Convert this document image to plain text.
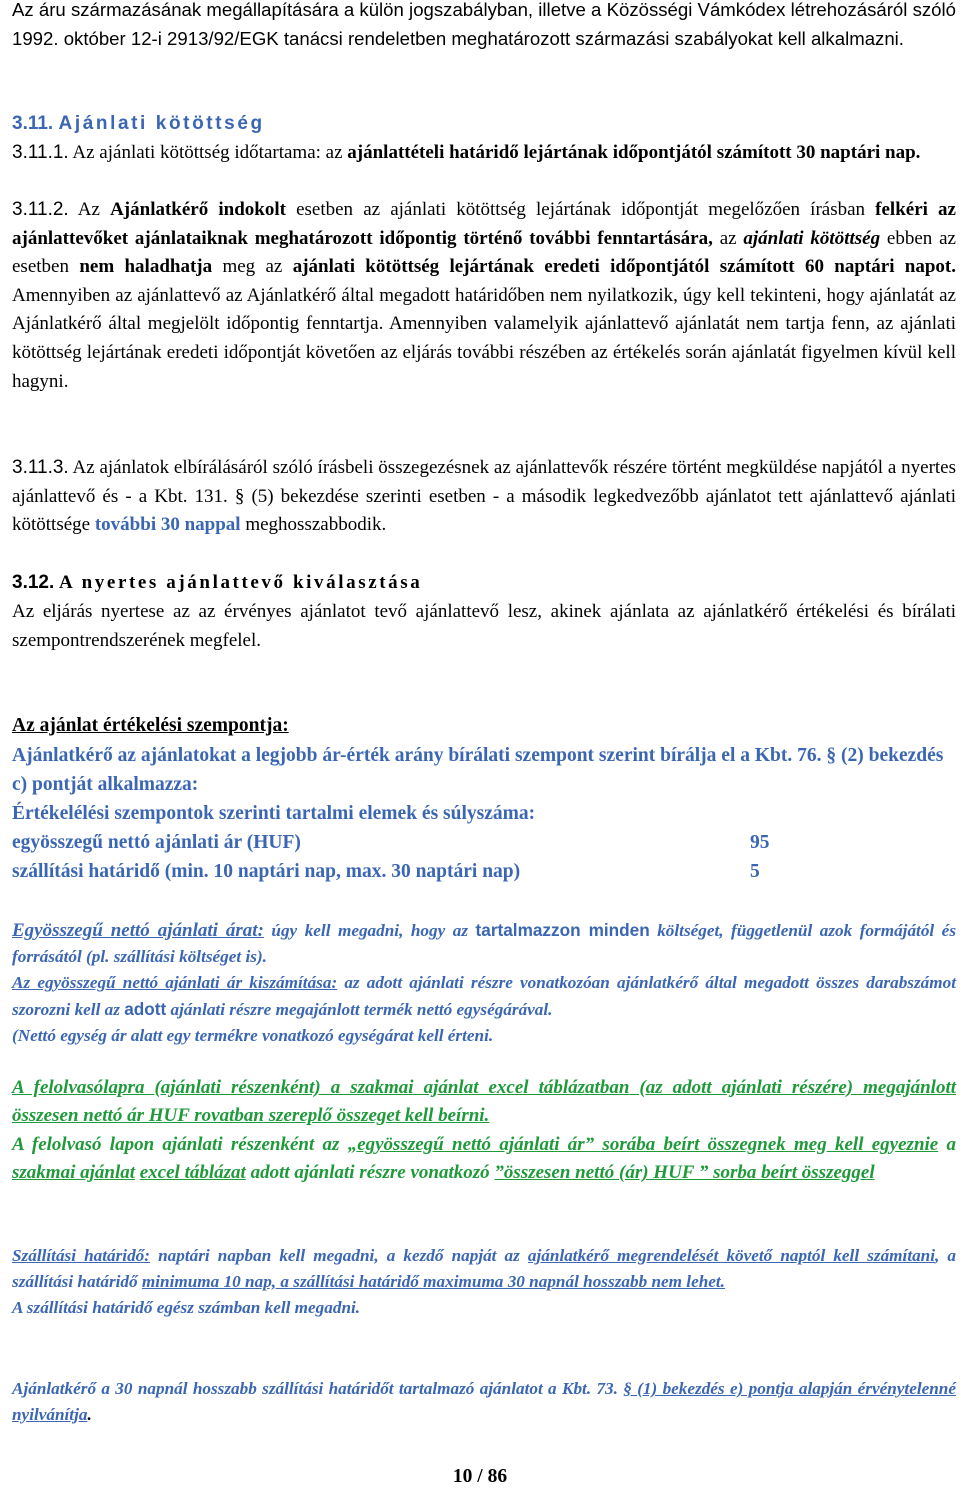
Az áru származásának megállapítására a külön jogszabályban, illetve a Közösségi Vámkódex létrehozásáról szóló 1992. október 12-i 2913/92/EGK tanácsi rendeletben meghatározott származási szabályokat kell alkalmazni.

3.11. Ajánlati kötöttség

3.11.1. Az ajánlati kötöttség időtartama: az ajánlattételi határidő lejártának időpontjától számított 30 naptári nap.

3.11.2. Az Ajánlatkérő indokolt esetben az ajánlati kötöttség lejártának időpontját megelőzően írásban felkéri az ajánlattevőket ajánlataiknak meghatározott időpontig történő további fenntartására, az ajánlati kötöttség ebben az esetben nem haladhatja meg az ajánlati kötöttség lejártának eredeti időpontjától számított 60 naptári napot. Amennyiben az ajánlattevő az Ajánlatkérő által megadott határidőben nem nyilatkozik, úgy kell tekinteni, hogy ajánlatát az Ajánlatkérő által megjelölt időpontig fenntartja. Amennyiben valamelyik ajánlattevő ajánlatát nem tartja fenn, az ajánlati kötöttség lejártának eredeti időpontját követően az eljárás további részében az értékelés során ajánlatát figyelmen kívül kell hagyni.

3.11.3. Az ajánlatok elbírálásáról szóló írásbeli összegezésnek az ajánlattevők részére történt megküldése napjától a nyertes ajánlattevő és - a Kbt. 131. § (5) bekezdése szerinti esetben - a második legkedvezőbb ajánlatot tett ajánlattevő ajánlati kötöttsége további 30 nappal meghosszabbodik.

3.12. A nyertes ajánlattevő kiválasztása

Az eljárás nyertese az az érvényes ajánlatot tevő ajánlattevő lesz, akinek ajánlata az ajánlatkérő értékelési és bírálati szempontrendszerének megfelel.

Az ajánlat értékelési szempontja:

Ajánlatkérő az ajánlatokat a legjobb ár-érték arány bírálati szempont szerint bírálja el a Kbt. 76. § (2) bekezdés c) pontját alkalmazza:

Értékelélési szempontok szerinti tartalmi elemek és súlyszáma:

egyösszegű nettó ajánlati ár (HUF)	95
szállítási határidő (min. 10 naptári nap, max. 30 naptári nap)	5

Egyösszegű nettó ajánlati árat: úgy kell megadni, hogy az tartalmazzon minden költséget, függetlenül azok formájától és forrásától (pl. szállítási költséget is).

Az egyösszegű nettó ajánlati ár kiszámítása: az adott ajánlati részre vonatkozóan ajánlatkérő által megadott összes darabszámot szorozni kell az adott ajánlati részre megajánlott termék nettó egységárával.

(Nettó egység ár alatt egy termékre vonatkozó egységárat kell érteni.

A felolvasólapra (ajánlati részenként) a szakmai ajánlat excel táblázatban (az adott ajánlati részére) megajánlott összesen nettó ár HUF rovatban szereplő összeget kell beírni.

A felolvasó lapon ajánlati részenként az „egyösszegű nettó ajánlati ár” sorába beírt összegnek meg kell egyeznie a szakmai ajánlat excel táblázat adott ajánlati részre vonatkozó ”összesen nettó (ár) HUF ” sorba beírt összeggel

Szállítási határidő: naptári napban kell megadni, a kezdő napját az ajánlatkérő megrendelését követő naptól kell számítani, a szállítási határidő minimuma 10 nap, a szállítási határidő maximuma 30 napnál hosszabb nem lehet.

A szállítási határidő egész számban kell megadni.

Ajánlatkérő a 30 napnál hosszabb szállítási határidőt tartalmazó ajánlatot a Kbt. 73. § (1) bekezdés e) pontja alapján érvénytelenné nyilvánítja.

10 / 86
